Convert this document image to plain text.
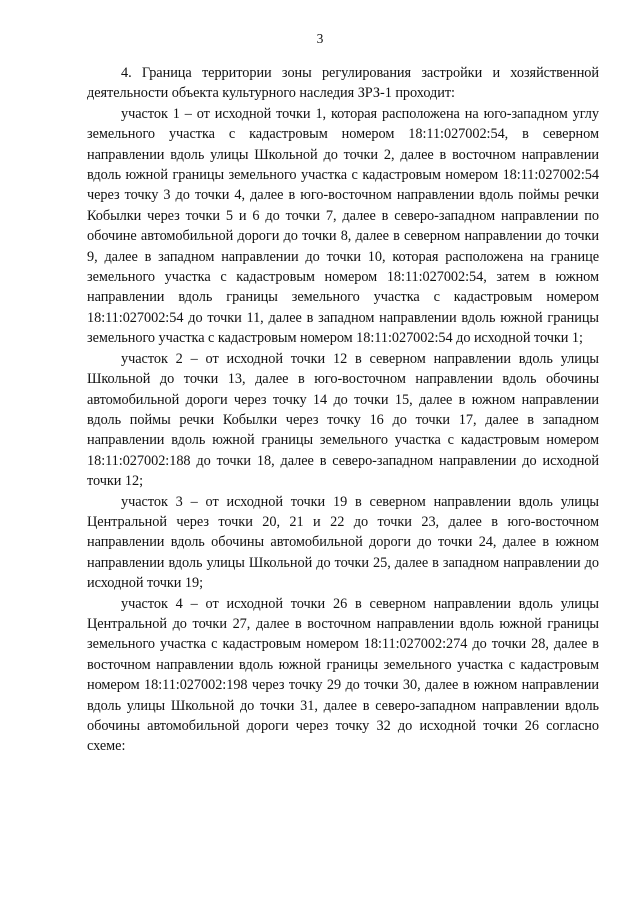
3

4. Граница территории зоны регулирования застройки и хозяйственной деятельности объекта культурного наследия ЗРЗ-1 проходит:

участок 1 – от исходной точки 1, которая расположена на юго-западном углу земельного участка с кадастровым номером 18:11:027002:54, в северном направлении вдоль улицы Школьной до точки 2, далее в восточном направлении вдоль южной границы земельного участка с кадастровым номером 18:11:027002:54 через точку 3 до точки 4, далее в юго-восточном направлении вдоль поймы речки Кобылки через точки 5 и 6 до точки 7, далее в северо-западном направлении по обочине автомобильной дороги до точки 8, далее в северном направлении до точки 9, далее в западном направлении до точки 10, которая расположена на границе земельного участка с кадастровым номером 18:11:027002:54, затем в южном направлении вдоль границы земельного участка с кадастровым номером 18:11:027002:54 до точки 11, далее в западном направлении вдоль южной границы земельного участка с кадастровым номером 18:11:027002:54 до исходной точки 1;

участок 2 – от исходной точки 12 в северном направлении вдоль улицы Школьной до точки 13, далее в юго-восточном направлении вдоль обочины автомобильной дороги через точку 14 до точки 15, далее в южном направлении вдоль поймы речки Кобылки через точку 16 до точки 17, далее в западном направлении вдоль южной границы земельного участка с кадастровым номером 18:11:027002:188 до точки 18, далее в северо-западном направлении до исходной точки 12;

участок 3 – от исходной точки 19 в северном направлении вдоль улицы Центральной через точки 20, 21 и 22 до точки 23, далее в юго-восточном направлении вдоль обочины автомобильной дороги до точки 24, далее в южном направлении вдоль улицы Школьной до точки 25, далее в западном направлении до исходной точки 19;

участок 4 – от исходной точки 26 в северном направлении вдоль улицы Центральной до точки 27, далее в восточном направлении вдоль южной границы земельного участка с кадастровым номером 18:11:027002:274 до точки 28, далее в восточном направлении вдоль южной границы земельного участка с кадастровым номером 18:11:027002:198 через точку 29 до точки 30, далее в южном направлении вдоль улицы Школьной до точки 31, далее в северо-западном направлении вдоль обочины автомобильной дороги через точку 32 до исходной точки 26 согласно схеме:
